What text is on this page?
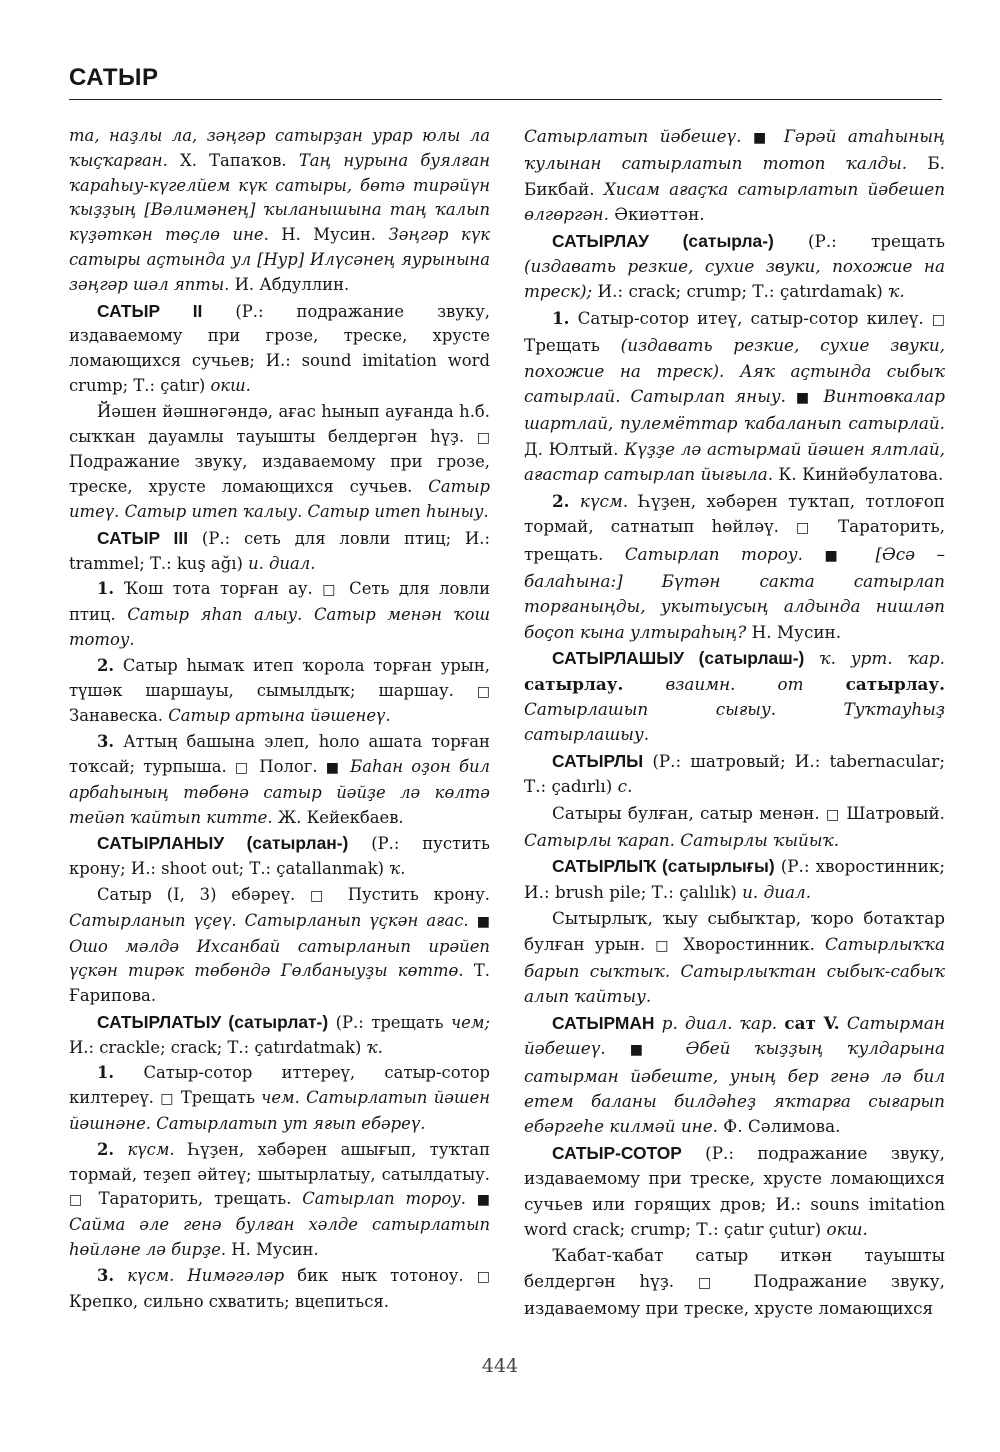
САТЫР

та, наҙлы ла, зәңгәр сатырҙан урар юлы ла ҡыҫҡарған. Х. Тапаҡов. Таң нурына буялған ҡараһыу-күгелйем күк сатыры, бөтә тирәйүн ҡыҙҙың [Вәлимәнең] ҡыланышына таң ҡалып күҙәткән төҫлө ине. Н. Мусин. Зәңгәр күк сатыры аҫтында ул [Нур] Илүсәнең яурынына зәңгәр шәл япты. И. Абдуллин.

САТЫР II (Р.: подражание звуку, издаваемому при грозе, треске, хрусте ломающихся сучьев; И.: sound imitation word crump; Т.: çatır) окш.

Йәшен йәшнәгәндә, ағас һынып ауғанда һ.б. сыҡҡан дауамлы тауышты белдергән һүҙ. □ Подражание звуку, издаваемому при грозе, треске, хрусте ломающихся сучьев. Сатыр итеү. Сатыр итеп ҡалыу. Сатыр итеп һыныу.

САТЫР III (Р.: сеть для ловли птиц; И.: trammel; Т.: kuş ağı) и. диал.

1. Ҡош тота торған ау. □ Сеть для ловли птиц. Сатыр яһап алыу. Сатыр менән ҡош тотоу.

2. Сатыр һымаҡ итеп ҡорола торған урын, түшәк шаршауы, сымылдыҡ; шаршау. □ Занавеска. Сатыр артына йәшенеү.

3. Аттың башына элеп, һоло ашата торған тоҡсай; турпыша. □ Полог. ■ Баһан оҙон бил арбаһының төбөнә сатыр йәйҙе лә көлтә тейәп ҡайтып китте. Ж. Кейекбаев.

САТЫРЛАНЫУ (сатырлан-) (Р.: пустить крону; И.: shoot out; Т.: çatallanmak) ҡ.

Сатыр (I, 3) ебәреү. □ Пустить крону. Сатырланып үҫеү. Сатырланып үҫкән ағас. ■ Ошо мәлдә Ихсанбай сатырланып ирәйеп үҫкән тирәк төбөндә Гөлбаныуҙы көттө. Т. Ғарипова.

САТЫРЛАТЫУ (сатырлат-) (Р.: трещать чем; И.: crackle; crack; Т.: çatırdatmak) ҡ.

1. Сатыр-сотор иттереү, сатыр-сотор килтереү. □ Трещать чем. Сатырлатып йәшен йәшнәне. Сатырлатып ут яғып ебәреү.

2. күсм. Һүҙен, хәбәрен ашығып, туҡтап тормай, теҙеп әйтеү; шытырлатыу, сатылдатыу. □ Тараторить, трещать. Сатырлап тороу. ■ Сайма әле генә булған хәлде сатырлатып һөйләне лә бирҙе. Н. Мусин.

3. күсм. Нимәгәләр бик ныҡ тотоноу. □ Крепко, сильно схватить; вцепиться.

Сатырлатып йәбешеү. ■ Гәрәй атаһының ҡулынан сатырлатып тотоп ҡалды. Б. Бикбай. Хисам ағаҫҡа сатырлатып йәбешеп өлгөргән. Әкиәттән.

САТЫРЛАУ (сатырла-) (Р.: трещать (издавать резкие, сухие звуки, похожие на треск); И.: crack; crump; Т.: çatırdamak) ҡ.

1. Сатыр-сотор итеү, сатыр-сотор килеү. □ Трещать (издавать резкие, сухие звуки, похожие на треск). Аяҡ аҫтында сыбыҡ сатырлай. Сатырлап яныу. ■ Винтовкалар шартлай, пулемёттар ҡабаланып сатырлай. Д. Юлтый. Күҙҙе лә астырмай йәшен ялтлай, ағастар сатырлап йығыла. К. Кинйәбулатова.

2. күсм. Һүҙен, хәбәрен туҡтап, тотлоғоп тормай, сатнатып һөйләү. □ Тараторить, трещать. Сатырлап тороу. ■ [Әсә – балаһына:] Бүтән сакта сатырлап торғаныңды, укытыусың алдында нишләп боҫоп кына ултыраһың? Н. Мусин.

САТЫРЛАШЫУ (сатырлаш-) ҡ. урт. ҡар. сатырлау.	взаимн. от	сатырлау. Сатырлашып сығыу. Туҡтауһыҙ сатырлашыу.

САТЫРЛЫ (Р.: шатровый; И.: tabernacular; Т.: çadırlı) с.

Сатыры булған, сатыр менән. □ Шатровый. Сатырлы ҡарап. Сатырлы ҡыйыҡ.

САТЫРЛЫҠ (сатырлығы) (Р.: хворостинник; И.: brush pile; Т.: çalılık) и. диал.

Сытырлыҡ, ҡыу сыбыҡтар, ҡоро ботаҡтар булған урын. □ Хворостинник. Сатырлыҡҡа барып сыҡтыҡ. Сатырлыҡтан сыбыҡ-сабыҡ алып ҡайтыу.

САТЫРМАН р. диал. ҡар. сат V. Сатырман йәбешеү. ■ Әбей ҡыҙҙың ҡулдарына сатырман йәбеште, уның бер генә лә бил етем баланы билдәһеҙ яҡтарға сығарып ебәргеһе килмәй ине. Ф. Сәлимова.

САТЫР-СОТОР (Р.: подражание звуку, издаваемому при треске, хрусте ломающихся сучьев или горящих дров; И.: souns imitation word crack; crump; Т.: çatır çutur) окш.

Ҡабат-ҡабат сатыр иткән тауышты белдергән һүҙ. □ Подражание звуку, издаваемому при треске, хрусте ломающихся

444
